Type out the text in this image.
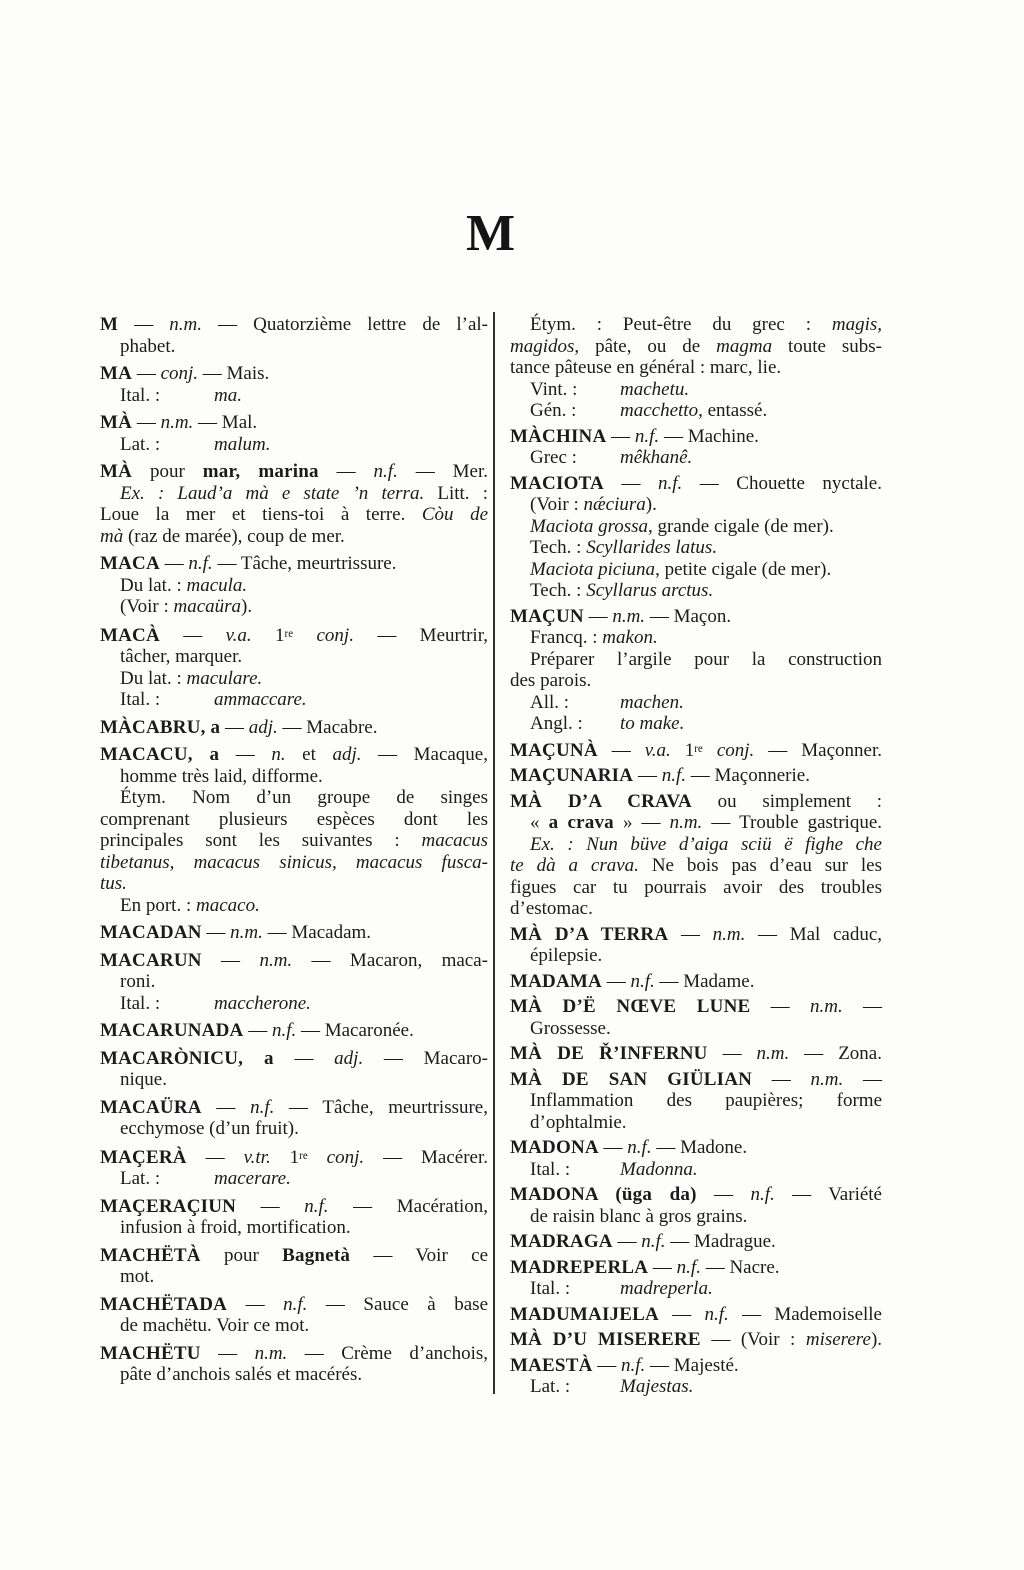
M
M — n.m. — Quatorzième lettre de l’al-
phabet.
MA — conj. — Mais.
Ital. :	ma.
MÀ — n.m. — Mal.
Lat. :	malum.
MÀ pour mar, marina — n.f. — Mer.
Ex. : Laud’a mà e state ’n terra. Litt. :
Loue la mer et tiens-toi à terre. Còu de
mà (raz de marée), coup de mer.
MACA — n.f. — Tâche, meurtrissure.
Du lat. : macula.
(Voir : macaüra).
MACÀ — v.a. 1re conj. — Meurtrir,
tâcher, marquer.
Du lat. : maculare.
Ital. :	ammaccare.
MÀCABRU, a — adj. — Macabre.
MACACU, a — n. et adj. — Macaque,
homme très laid, difforme.
Étym. Nom d’un groupe de singes
comprenant plusieurs espèces dont les
principales sont les suivantes : macacus
tibetanus, macacus sinicus, macacus fusca-
tus.
En port. : macaco.
MACADAN — n.m. — Macadam.
MACARUN — n.m. — Macaron, maca-
roni.
Ital. :	maccherone.
MACARUNADA — n.f. — Macaronée.
MACARÒNICU, a — adj. — Macaro-
nique.
MACAÜRA — n.f. — Tâche, meurtrissure,
ecchymose (d’un fruit).
MAÇERÀ — v.tr. 1re conj. — Macérer.
Lat. :	macerare.
MAÇERAÇIUN — n.f. — Macération,
infusion à froid, mortification.
MACHËTÀ pour Bagnetà — Voir ce
mot.
MACHËTADA — n.f. — Sauce à base
de machëtu. Voir ce mot.
MACHËTU — n.m. — Crème d’anchois,
pâte d’anchois salés et macérés.
Étym. : Peut-être du grec : magis,
magidos, pâte, ou de magma toute subs-
tance pâteuse en général : marc, lie.
Vint. : machetu.
Gén. : macchetto, entassé.
MÀCHINA — n.f. — Machine.
Grec : mêkhanê.
MACIOTA — n.f. — Chouette nyctale.
(Voir : nǽciura).
Maciota grossa, grande cigale (de mer).
Tech. : Scyllarides latus.
Maciota piciuna, petite cigale (de mer).
Tech. : Scyllarus arctus.
MAÇUN — n.m. — Maçon.
Francq. : makon.
Préparer l’argile pour la construction
des parois.
All. :	machen.
Angl. : to make.
MAÇUNÀ — v.a. 1re conj. — Maçonner.
MAÇUNARIA — n.f. — Maçonnerie.
MÀ D’A CRAVA ou simplement :
« a crava » — n.m. — Trouble gastrique.
Ex. : Nun büve d’aiga sciü ë fighe che
te dà a crava. Ne bois pas d’eau sur les
figues car tu pourrais avoir des troubles
d’estomac.
MÀ D’A TERRA — n.m. — Mal caduc,
épilepsie.
MADAMA — n.f. — Madame.
MÀ D’Ë NŒVE LUNE — n.m. —
Grossesse.
MÀ DE Ř’INFERNU — n.m. — Zona.
MÀ DE SAN GIÜLIAN — n.m. —
Inflammation des paupières; forme
d’ophtalmie.
MADONA — n.f. — Madone.
Ital. :	Madonna.
MADONA (üga da) — n.f. — Variété
de raisin blanc à gros grains.
MADRAGA — n.f. — Madrague.
MADREPERLA — n.f. — Nacre.
Ital. :	madreperla.
MADUMAIJELA — n.f. — Mademoiselle
MÀ D’U MISERERE — (Voir : miserere).
MAESTÀ — n.f. — Majesté.
Lat. :	Majestas.
